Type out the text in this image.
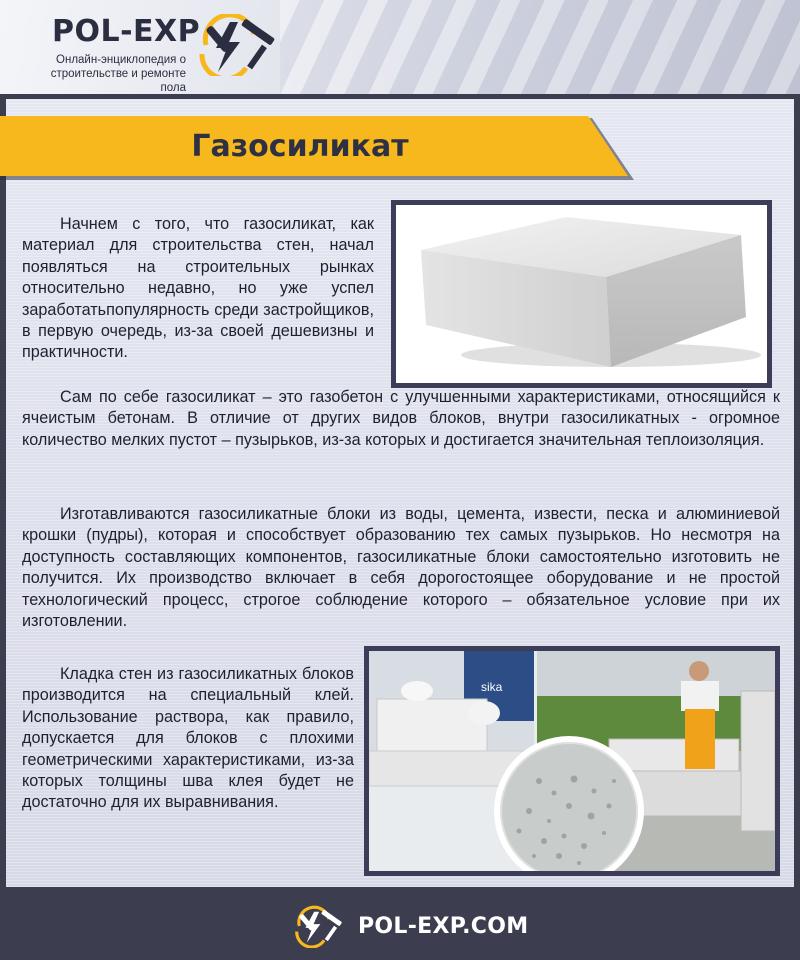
POL-EXP
Онлайн-энциклопедия о
строительстве и ремонте пола
Газосиликат

Начнем с того, что газосиликат, как материал для строительства стен, начал появляться на строительных рынках относительно недавно, но уже успел заработатьпопулярность среди застройщиков, в первую очередь, из-за своей дешевизны и практичности.

Сам по себе газосиликат – это газобетон с улучшенными характеристиками, относящийся к ячеистым бетонам. В отличие от других видов блоков, внутри газосиликатных - огромное количество мелких пустот – пузырьков, из-за которых и достигается значительная теплоизоляция.

Изготавливаются газосиликатные блоки из воды, цемента, извести, песка и алюминиевой крошки (пудры), которая и способствует образованию тех самых пузырьков. Но несмотря на доступность составляющих компонентов, газосиликатные блоки самостоятельно изготовить не получится. Их производство включает в себя дорогостоящее оборудование и не простой технологический процесс, строгое соблюдение которого – обязательное условие при их изготовлении.

Кладка стен из газосиликатных блоков производится на специальный клей. Использование раствора, как правило, допускается для блоков с плохими геометрическими характеристиками, из-за которых толщины шва клея будет не достаточно для их выравнивания.

sika
POL-EXP.COM
